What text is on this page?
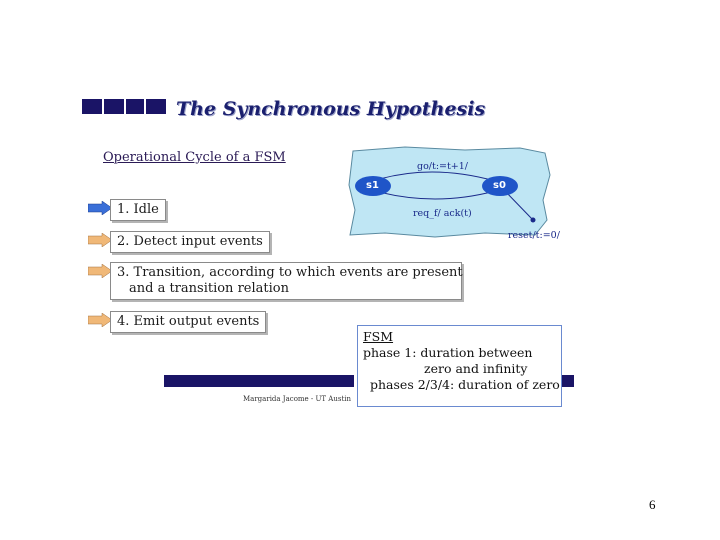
The Synchronous Hypothesis
Operational Cycle of a FSM
go/t:=t+1/
req_f/ ack(t)
reset/t:=0/
s1	s0
1. Idle
2. Detect input events
3. Transition, according to which events are present
and a transition relation
4. Emit output events
Margarida Jacome - UT Austin
FSM
phase 1: duration between
zero and infinity
phases 2/3/4: duration of zero
6
